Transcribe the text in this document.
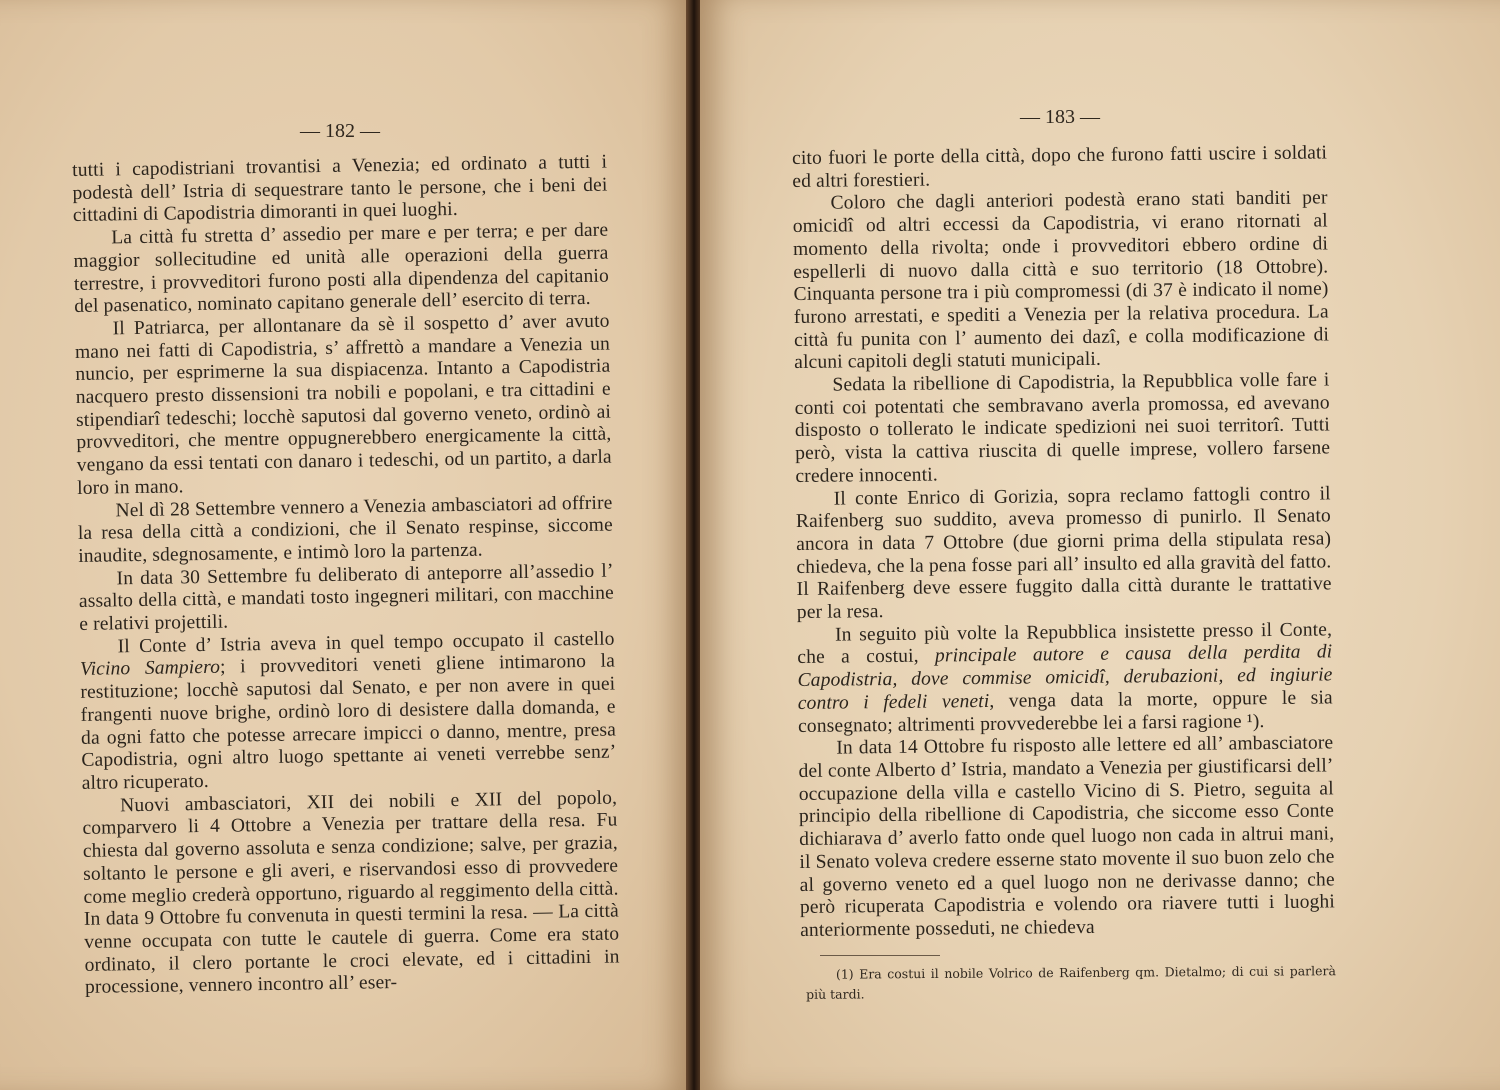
— 182 —

tutti i capodistriani trovantisi a Venezia; ed ordinato a tutti i podestà dell’ Istria di sequestrare tanto le persone, che i beni dei cittadini di Capodistria dimoranti in quei luoghi.

La città fu stretta d’ assedio per mare e per terra; e per dare maggior sollecitudine ed unità alle operazioni della guerra terrestre, i provveditori furono posti alla dipendenza del capitanio del pasenatico, nominato capitano generale dell’ esercito di terra.

Il Patriarca, per allontanare da sè il sospetto d’ aver avuto mano nei fatti di Capodistria, s’ affrettò a mandare a Venezia un nuncio, per esprimerne la sua dispiacenza. Intanto a Capodistria nacquero presto dissensioni tra nobili e popolani, e tra cittadini e stipendiarî tedeschi; locchè saputosi dal governo veneto, ordinò ai provveditori, che mentre oppugnerebbero energicamente la città, vengano da essi tentati con danaro i tedeschi, od un partito, a darla loro in mano.

Nel dì 28 Settembre vennero a Venezia ambasciatori ad offrire la resa della città a condizioni, che il Senato respinse, siccome inaudite, sdegnosamente, e intimò loro la partenza.

In data 30 Settembre fu deliberato di anteporre all’assedio l’ assalto della città, e mandati tosto ingegneri militari, con macchine e relativi projettili.

Il Conte d’ Istria aveva in quel tempo occupato il castello Vicino Sampiero; i provveditori veneti gliene intimarono la restituzione; locchè saputosi dal Senato, e per non avere in quei frangenti nuove brighe, ordinò loro di desistere dalla domanda, e da ogni fatto che potesse arrecare impicci o danno, mentre, presa Capodistria, ogni altro luogo spettante ai veneti verrebbe senz’ altro ricuperato.

Nuovi ambasciatori, XII dei nobili e XII del popolo, comparvero li 4 Ottobre a Venezia per trattare della resa. Fu chiesta dal governo assoluta e senza condizione; salve, per grazia, soltanto le persone e gli averi, e riservandosi esso di provvedere come meglio crederà opportuno, riguardo al reggimento della città. In data 9 Ottobre fu convenuta in questi termini la resa. — La città venne occupata con tutte le cautele di guerra. Come era stato ordinato, il clero portante le croci elevate, ed i cittadini in processione, vennero incontro all’ eser-

— 183 —

cito fuori le porte della città, dopo che furono fatti uscire i soldati ed altri forestieri.

Coloro che dagli anteriori podestà erano stati banditi per omicidî od altri eccessi da Capodistria, vi erano ritornati al momento della rivolta; onde i provveditori ebbero ordine di espellerli di nuovo dalla città e suo territorio (18 Ottobre). Cinquanta persone tra i più compromessi (di 37 è indicato il nome) furono arrestati, e spediti a Venezia per la relativa procedura. La città fu punita con l’ aumento dei dazî, e colla modificazione di alcuni capitoli degli statuti municipali.

Sedata la ribellione di Capodistria, la Repubblica volle fare i conti coi potentati che sembravano averla promossa, ed avevano disposto o tollerato le indicate spedizioni nei suoi territorî. Tutti però, vista la cattiva riuscita di quelle imprese, vollero farsene credere innocenti.

Il conte Enrico di Gorizia, sopra reclamo fattogli contro il Raifenberg suo suddito, aveva promesso di punirlo. Il Senato ancora in data 7 Ottobre (due giorni prima della stipulata resa) chiedeva, che la pena fosse pari all’ insulto ed alla gravità del fatto. Il Raifenberg deve essere fuggito dalla città durante le trattative per la resa.

In seguito più volte la Repubblica insistette presso il Conte, che a costui, principale autore e causa della perdita di Capodistria, dove commise omicidî, derubazioni, ed ingiurie contro i fedeli veneti, venga data la morte, oppure le sia consegnato; altrimenti provvederebbe lei a farsi ragione ¹).

In data 14 Ottobre fu risposto alle lettere ed all’ ambasciatore del conte Alberto d’ Istria, mandato a Venezia per giustificarsi dell’ occupazione della villa e castello Vicino di S. Pietro, seguita al principio della ribellione di Capodistria, che siccome esso Conte dichiarava d’ averlo fatto onde quel luogo non cada in altrui mani, il Senato voleva credere esserne stato movente il suo buon zelo che al governo veneto ed a quel luogo non ne derivasse danno; che però ricuperata Capodistria e volendo ora riavere tutti i luoghi anteriormente posseduti, ne chiedeva

(1) Era costui il nobile Volrico de Raifenberg qm. Dietalmo; di cui si parlerà più tardi.
